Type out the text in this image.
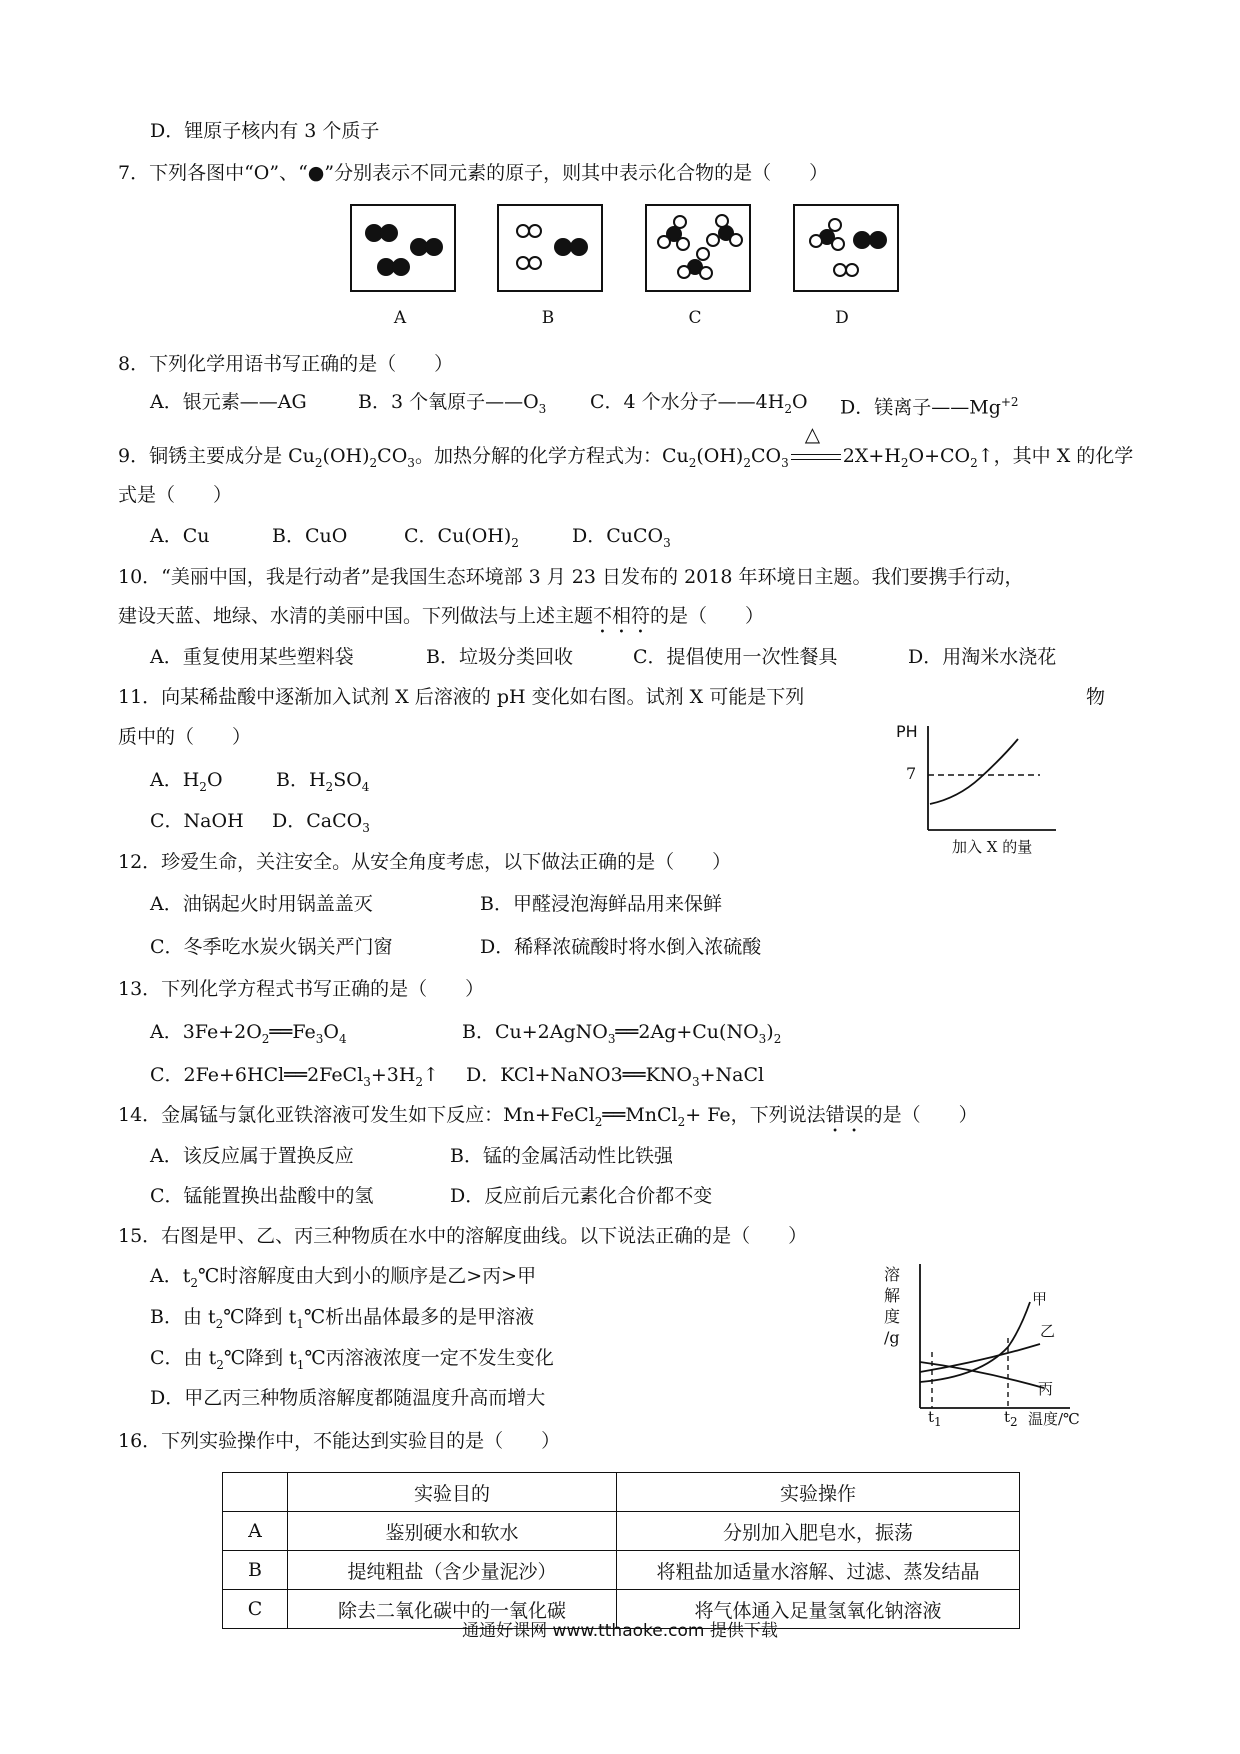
D．锂原子核内有 3 个质子
7．下列各图中“O”、“●”分别表示不同元素的原子，则其中表示化合物的是（　　）
A	B	C	D
8．下列化学用语书写正确的是（　　）
A．银元素——AG	B．3 个氧原子$——O_3$ C．4 个水分子$——4H_2O$ D．镁离子$——Mg^{+2}$
9．铜锈主要成分是 $Cu_2(OH)_2CO_3$。加热分解的化学方程式为：$Cu_2(OH)_2CO_3$
△
$2X+H_2O+CO_2↑$，其中 X 的化学
式是（　　）
A．Cu	B．CuO	C．$Cu(OH)_2$	D．CuCO$_3$
10．“美丽中国，我是行动者”是我国生态环境部 3 月 23 日发布的 2018 年环境日主题。我们要携手行动，
建设天蓝、地绿、水清的美丽中国。下列做法与上述主题不相符的是（　　）
A．重复使用某些塑料袋	B．垃圾分类回收	C．提倡使用一次性餐具	D．用淘米水浇花
11．向某稀盐酸中逐渐加入试剂 X 后溶液的 pH 变化如右图。试剂 X 可能是下列	物
质中的（　　）
A．$H_2O$	B．$H_2SO_4$
C．NaOH D．CaCO$_3$
PH
7
加入 X 的量
12．珍爱生命，关注安全。从安全角度考虑，以下做法正确的是（　　）
A．油锅起火时用锅盖盖灭	B．甲醛浸泡海鲜品用来保鲜
C．冬季吃水炭火锅关严门窗	D．稀释浓硫酸时将水倒入浓硫酸
13．下列化学方程式书写正确的是（　　）
A．$3Fe+2O_2══Fe_3O_4$	B．$Cu+2AgNO_3══2Ag+Cu(NO_3)_2$
C．$2Fe+6HCl══2FeCl_3+3H_2↑$ D．$KCl+NaNO3══KNO_3+NaCl$
14．金属锰与氯化亚铁溶液可发生如下反应：Mn+FeCl$_2$══MnCl$_2$+ Fe，下列说法错误的是（　　）
A．该反应属于置换反应	B．锰的金属活动性比铁强
C．锰能置换出盐酸中的氢	D．反应前后元素化合价都不变
15．右图是甲、乙、丙三种物质在水中的溶解度曲线。以下说法正确的是（　　）
A．$t_2℃$时溶解度由大到小的顺序是乙>丙>甲
B．由 $t_2℃$降到 $t_1℃$析出晶体最多的是甲溶液
C．由 $t_2℃$降到 $t_1℃$丙溶液浓度一定不发生变化
D．甲乙丙三种物质溶解度都随温度升高而增大
溶
解
度
/g
甲
乙
丙
$t_1$	$t_2$ 温度/℃
16．下列实验操作中，不能达到实验目的是（　　）
	实验目的	实验操作
A	鉴别硬水和软水	分别加入肥皂水，振荡
B	提纯粗盐（含少量泥沙）	将粗盐加适量水溶解、过滤、蒸发结晶
C	除去二氧化碳中的一氧化碳	将气体通入足量氢氧化钠溶液
通通好课网 www.tthaoke.com 提供下载
